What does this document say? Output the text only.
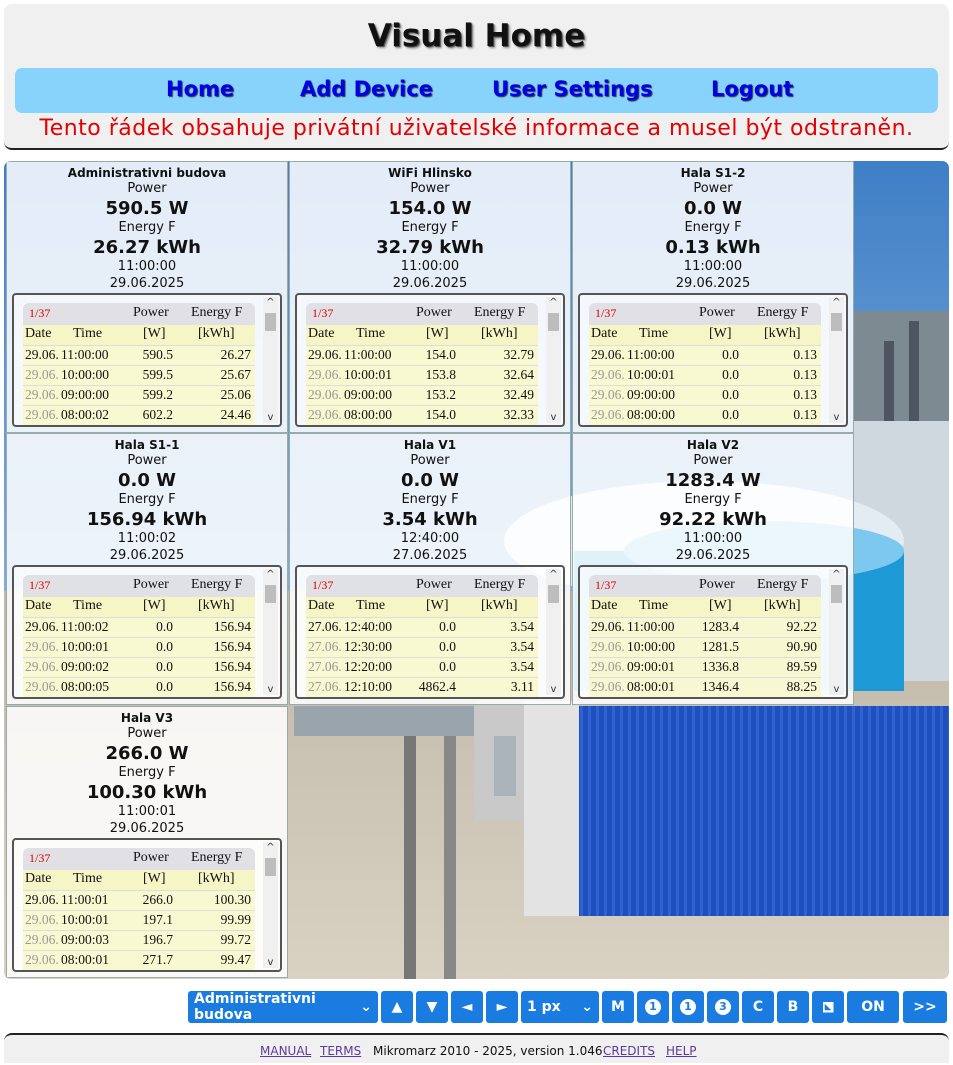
Visual Home
Home	Add Device	User Settings	Logout
Tento řádek obsahuje privátní uživatelské informace a musel být odstraněn.
Administrativni budova
Power
590.5 W
Energy F
26.27 kWh
11:00:00
29.06.2025
1/37	Power Energy F
Date Time	[W] [kWh]
29.06. 11:00:00	590.5	26.27
29.06. 10:00:00 599.5	25.67
29.06. 09:00:00 599.2	25.06
29.06. 08:00:02 602.2	24.46
^
v
WiFi Hlinsko
Power
154.0 W
Energy F
32.79 kWh
11:00:00
29.06.2025
1/37	Power Energy F
Date Time	[W] [kWh]
29.06. 11:00:00	154.0	32.79
29.06. 10:00:01 153.8	32.64
29.06. 09:00:00 153.2	32.49
29.06. 08:00:00 154.0	32.33
^
v
Hala S1-2
Power
0.0 W
Energy F
0.13 kWh
11:00:00
29.06.2025
1/37	Power Energy F
Date Time	[W] [kWh]
29.06. 11:00:00	0.0	0.13
29.06. 10:00:01	0.0	0.13
29.06. 09:00:00	0.0	0.13
29.06. 08:00:00	0.0	0.13
^
v
Hala S1-1
Power
0.0 W
Energy F
156.94 kWh
11:00:02
29.06.2025
1/37	Power Energy F
Date Time	[W] [kWh]
29.06. 11:00:02	0.0	156.94
29.06. 10:00:01	0.0	156.94
29.06. 09:00:02	0.0	156.94
29.06. 08:00:05	0.0	156.94
^
v
Hala V1
Power
0.0 W
Energy F
3.54 kWh
12:40:00
27.06.2025
1/37	Power Energy F
Date Time	[W] [kWh]
27.06. 12:40:00	0.0	3.54
27.06. 12:30:00	0.0	3.54
27.06. 12:20:00	0.0	3.54
27.06. 12:10:00 4862.4	3.11
^
v
Hala V2
Power
1283.4 W
Energy F
92.22 kWh
11:00:00
29.06.2025
1/37	Power Energy F
Date Time	[W] [kWh]
29.06. 11:00:00 1283.4	92.22
29.06. 10:00:00 1281.5	90.90
29.06. 09:00:01 1336.8	89.59
29.06. 08:00:01 1346.4	88.25
^
v
Hala V3
Power
266.0 W
Energy F
100.30 kWh
11:00:01
29.06.2025
1/37	Power Energy F
Date Time	[W] [kWh]
29.06. 11:00:01	266.0	100.30
29.06. 10:00:01 197.1	99.99
29.06. 09:00:03 196.7	99.72
29.06. 08:00:01 271.7	99.47
^
v
Administrativni budova	⌄	▲	▼	◄	►	1 px ⌄	M	1	1	3	C	B	ON	>>
MANUAL TERMS Mikromarz 2010 - 2025, version 1.046 CREDITS HELP
